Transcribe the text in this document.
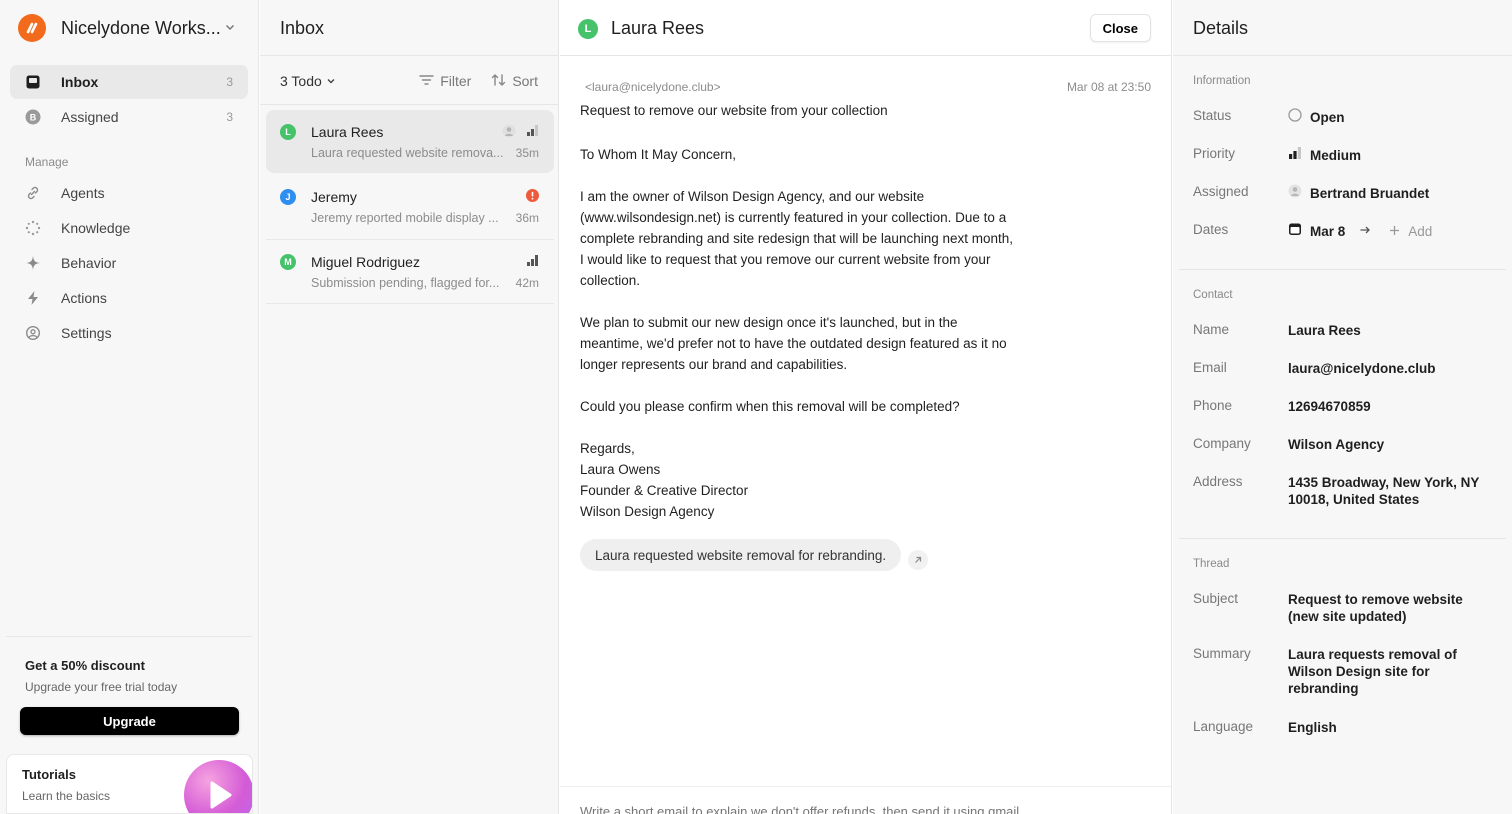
Nicelydone Works...
Inbox	3
B Assigned	3
Manage
Agents
Knowledge
Behavior
Actions
Settings
Get a 50% discount
Upgrade your free trial today
Upgrade
Tutorials
Learn the basics
Inbox
3 Todo	Filter	Sort
L	Laura Rees
Laura requested website remova...	35m
J	Jeremy
Jeremy reported mobile display ...	36m
M	Miguel Rodriguez
Submission pending, flagged for...	42m
L	Laura Rees	Close
<laura@nicelydone.club>	Mar 08 at 23:50
Request to remove our website from your collection

To Whom It May Concern,

I am the owner of Wilson Design Agency, and our website (www.wilsondesign.net) is currently featured in your collection. Due to a complete rebranding and site redesign that will be launching next month, I would like to request that you remove our current website from your collection.

We plan to submit our new design once it's launched, but in the meantime, we'd prefer not to have the outdated design featured as it no longer represents our brand and capabilities.

Could you please confirm when this removal will be completed?

Regards,
Laura Owens
Founder & Creative Director
Wilson Design Agency
Laura requested website removal for rebranding.
Write a short email to explain we don't offer refunds, then send it using gmail
Details
Information
Status	Open
Priority	Medium
Assigned	Bertrand Bruandet
Dates	Mar 8	Add
Contact
Name	Laura Rees
Email	laura@nicelydone.club
Phone	12694670859
Company	Wilson Agency
Address	1435 Broadway, New York, NY 10018, United States
Thread
Subject	Request to remove website (new site updated)
Summary	Laura requests removal of Wilson Design site for rebranding
Language	English
